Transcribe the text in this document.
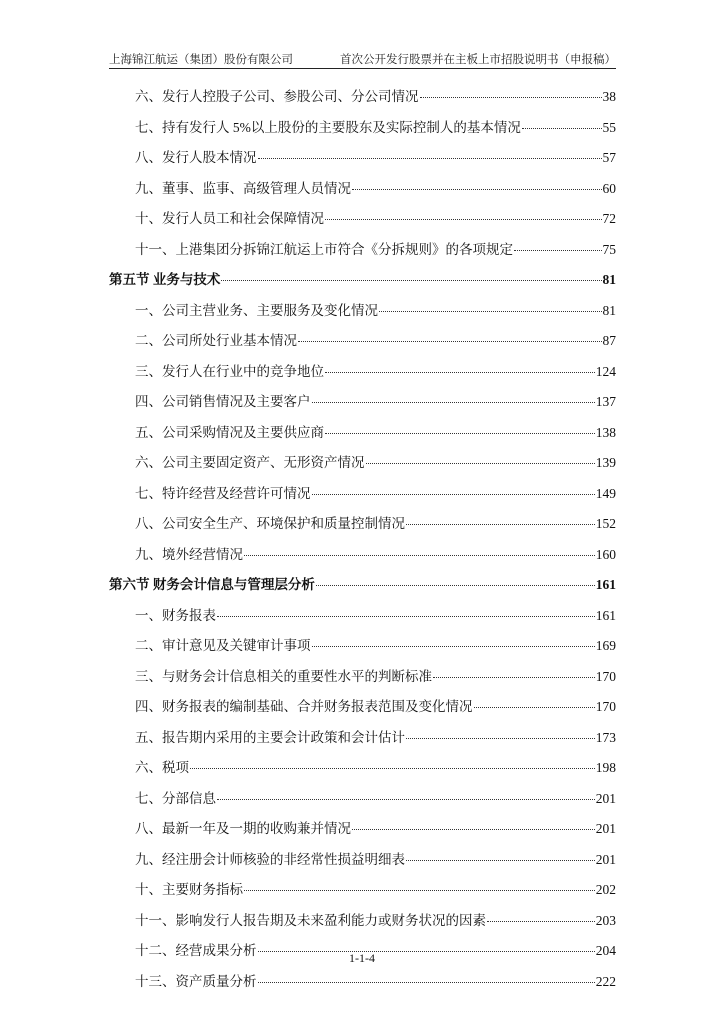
上海锦江航运（集团）股份有限公司	首次公开发行股票并在主板上市招股说明书（申报稿）
六、发行人控股子公司、参股公司、分公司情况	38
七、持有发行人 5%以上股份的主要股东及实际控制人的基本情况	55
八、发行人股本情况	57
九、董事、监事、高级管理人员情况	60
十、发行人员工和社会保障情况	72
十一、上港集团分拆锦江航运上市符合《分拆规则》的各项规定	75
第五节 业务与技术	81
一、公司主营业务、主要服务及变化情况	81
二、公司所处行业基本情况	87
三、发行人在行业中的竞争地位	124
四、公司销售情况及主要客户	137
五、公司采购情况及主要供应商	138
六、公司主要固定资产、无形资产情况	139
七、特许经营及经营许可情况	149
八、公司安全生产、环境保护和质量控制情况	152
九、境外经营情况	160
第六节 财务会计信息与管理层分析	161
一、财务报表	161
二、审计意见及关键审计事项	169
三、与财务会计信息相关的重要性水平的判断标准	170
四、财务报表的编制基础、合并财务报表范围及变化情况	170
五、报告期内采用的主要会计政策和会计估计	173
六、税项	198
七、分部信息	201
八、最新一年及一期的收购兼并情况	201
九、经注册会计师核验的非经常性损益明细表	201
十、主要财务指标	202
十一、影响发行人报告期及未来盈利能力或财务状况的因素	203
十二、经营成果分析	204
十三、资产质量分析	222
1-1-4
